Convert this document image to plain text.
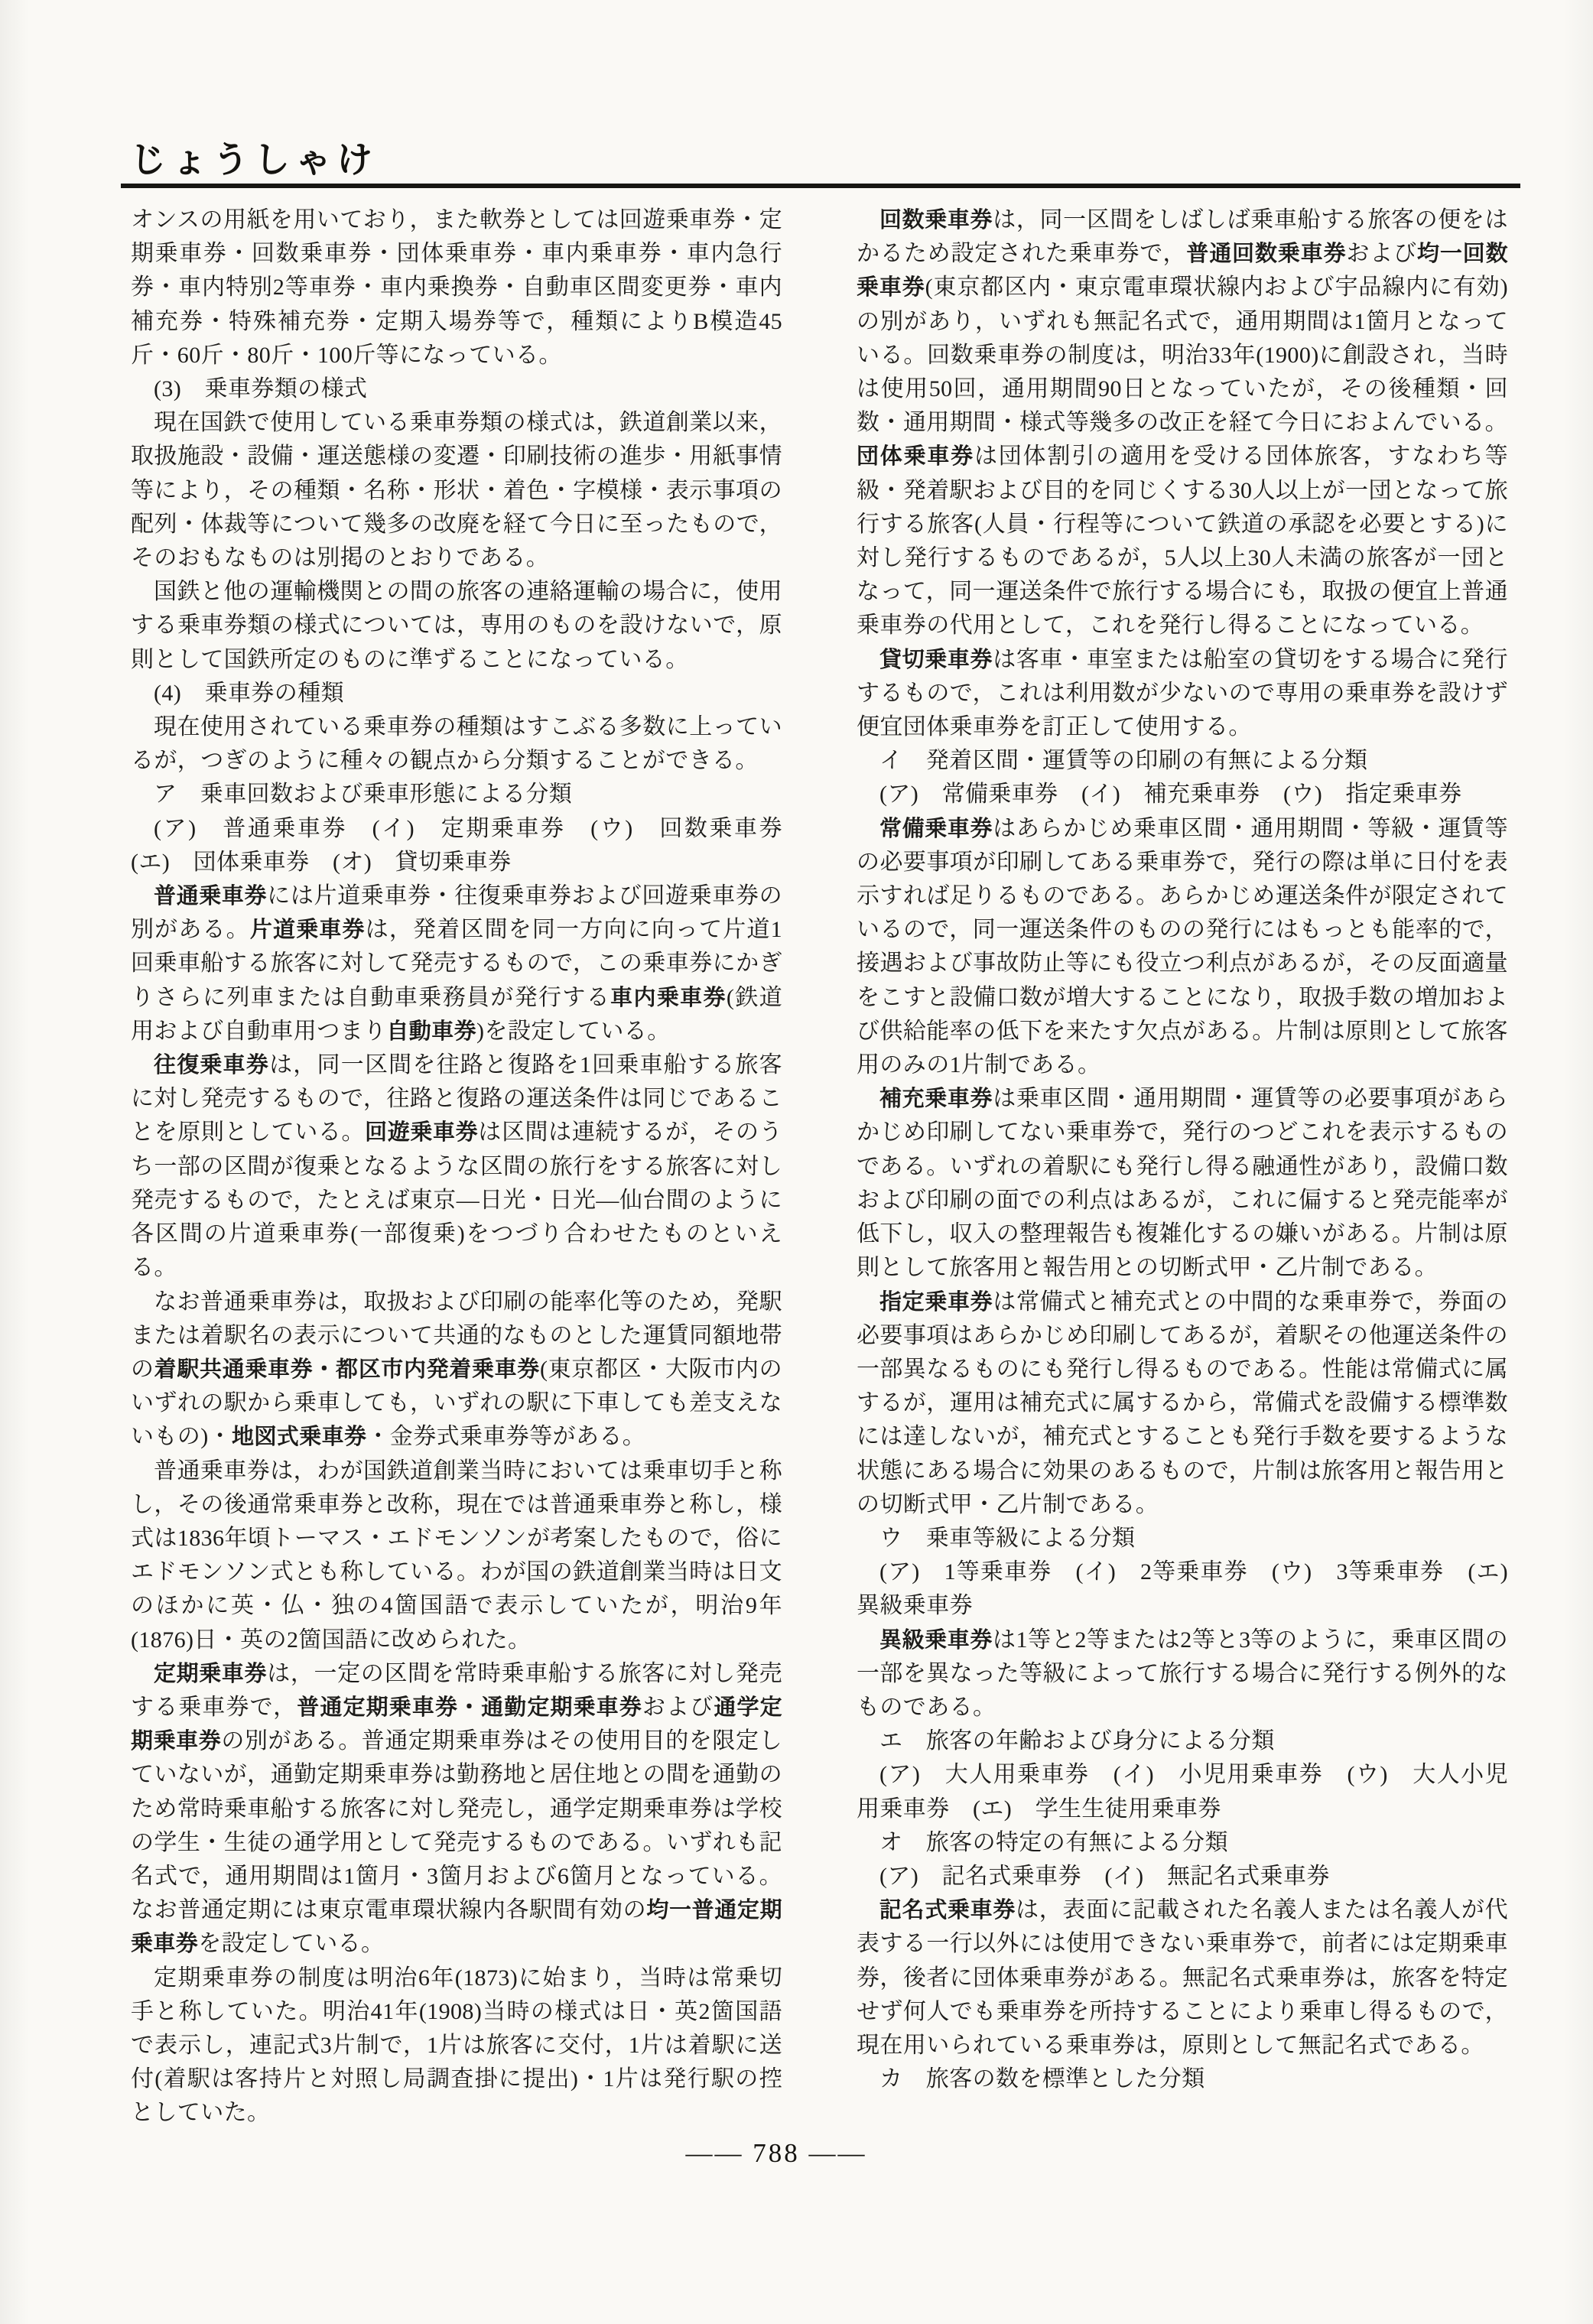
じょうしゃけ

オンスの用紙を用いており，また軟券としては回遊乗車券・定期乗車券・回数乗車券・団体乗車券・車内乗車券・車内急行券・車内特別2等車券・車内乗換券・自動車区間変更券・車内補充券・特殊補充券・定期入場券等で，種類によりB模造45斤・60斤・80斤・100斤等になっている。

(3)　乗車券類の様式

現在国鉄で使用している乗車券類の様式は，鉄道創業以来，取扱施設・設備・運送態様の変遷・印刷技術の進歩・用紙事情等により，その種類・名称・形状・着色・字模様・表示事項の配列・体裁等について幾多の改廃を経て今日に至ったもので，そのおもなものは別掲のとおりである。

国鉄と他の運輸機関との間の旅客の連絡運輸の場合に，使用する乗車券類の様式については，専用のものを設けないで，原則として国鉄所定のものに準ずることになっている。

(4)　乗車券の種類

現在使用されている乗車券の種類はすこぶる多数に上っているが，つぎのように種々の観点から分類することができる。

ア　乗車回数および乗車形態による分類

(ア)　普通乗車券　(イ)　定期乗車券　(ウ)　回数乗車券　(エ)　団体乗車券　(オ)　貸切乗車券

普通乗車券には片道乗車券・往復乗車券および回遊乗車券の別がある。片道乗車券は，発着区間を同一方向に向って片道1回乗車船する旅客に対して発売するもので，この乗車券にかぎりさらに列車または自動車乗務員が発行する車内乗車券(鉄道用および自動車用つまり自動車券)を設定している。

往復乗車券は，同一区間を往路と復路を1回乗車船する旅客に対し発売するもので，往路と復路の運送条件は同じであることを原則としている。回遊乗車券は区間は連続するが，そのうち一部の区間が復乗となるような区間の旅行をする旅客に対し発売するもので，たとえば東京―日光・日光―仙台間のように各区間の片道乗車券(一部復乗)をつづり合わせたものといえる。

なお普通乗車券は，取扱および印刷の能率化等のため，発駅または着駅名の表示について共通的なものとした運賃同額地帯の着駅共通乗車券・都区市内発着乗車券(東京都区・大阪市内のいずれの駅から乗車しても，いずれの駅に下車しても差支えないもの)・地図式乗車券・金券式乗車券等がある。

普通乗車券は，わが国鉄道創業当時においては乗車切手と称し，その後通常乗車券と改称，現在では普通乗車券と称し，様式は1836年頃トーマス・エドモンソンが考案したもので，俗にエドモンソン式とも称している。わが国の鉄道創業当時は日文のほかに英・仏・独の4箇国語で表示していたが，明治9年(1876)日・英の2箇国語に改められた。

定期乗車券は，一定の区間を常時乗車船する旅客に対し発売する乗車券で，普通定期乗車券・通勤定期乗車券および通学定期乗車券の別がある。普通定期乗車券はその使用目的を限定していないが，通勤定期乗車券は勤務地と居住地との間を通勤のため常時乗車船する旅客に対し発売し，通学定期乗車券は学校の学生・生徒の通学用として発売するものである。いずれも記名式で，通用期間は1箇月・3箇月および6箇月となっている。なお普通定期には東京電車環状線内各駅間有効の均一普通定期乗車券を設定している。

定期乗車券の制度は明治6年(1873)に始まり，当時は常乗切手と称していた。明治41年(1908)当時の様式は日・英2箇国語で表示し，連記式3片制で，1片は旅客に交付，1片は着駅に送付(着駅は客持片と対照し局調査掛に提出)・1片は発行駅の控としていた。

回数乗車券は，同一区間をしばしば乗車船する旅客の便をはかるため設定された乗車券で，普通回数乗車券および均一回数乗車券(東京都区内・東京電車環状線内および宇品線内に有効)の別があり，いずれも無記名式で，通用期間は1箇月となっている。回数乗車券の制度は，明治33年(1900)に創設され，当時は使用50回，通用期間90日となっていたが，その後種類・回数・通用期間・様式等幾多の改正を経て今日におよんでいる。団体乗車券は団体割引の適用を受ける団体旅客，すなわち等級・発着駅および目的を同じくする30人以上が一団となって旅行する旅客(人員・行程等について鉄道の承認を必要とする)に対し発行するものであるが，5人以上30人未満の旅客が一団となって，同一運送条件で旅行する場合にも，取扱の便宜上普通乗車券の代用として，これを発行し得ることになっている。

貸切乗車券は客車・車室または船室の貸切をする場合に発行するもので，これは利用数が少ないので専用の乗車券を設けず便宜団体乗車券を訂正して使用する。

イ　発着区間・運賃等の印刷の有無による分類

(ア)　常備乗車券　(イ)　補充乗車券　(ウ)　指定乗車券

常備乗車券はあらかじめ乗車区間・通用期間・等級・運賃等の必要事項が印刷してある乗車券で，発行の際は単に日付を表示すれば足りるものである。あらかじめ運送条件が限定されているので，同一運送条件のものの発行にはもっとも能率的で，接遇および事故防止等にも役立つ利点があるが，その反面適量をこすと設備口数が増大することになり，取扱手数の増加および供給能率の低下を来たす欠点がある。片制は原則として旅客用のみの1片制である。

補充乗車券は乗車区間・通用期間・運賃等の必要事項があらかじめ印刷してない乗車券で，発行のつどこれを表示するものである。いずれの着駅にも発行し得る融通性があり，設備口数および印刷の面での利点はあるが，これに偏すると発売能率が低下し，収入の整理報告も複雑化するの嫌いがある。片制は原則として旅客用と報告用との切断式甲・乙片制である。

指定乗車券は常備式と補充式との中間的な乗車券で，券面の必要事項はあらかじめ印刷してあるが，着駅その他運送条件の一部異なるものにも発行し得るものである。性能は常備式に属するが，運用は補充式に属するから，常備式を設備する標準数には達しないが，補充式とすることも発行手数を要するような状態にある場合に効果のあるもので，片制は旅客用と報告用との切断式甲・乙片制である。

ウ　乗車等級による分類

(ア)　1等乗車券　(イ)　2等乗車券　(ウ)　3等乗車券　(エ)　異級乗車券

異級乗車券は1等と2等または2等と3等のように，乗車区間の一部を異なった等級によって旅行する場合に発行する例外的なものである。

エ　旅客の年齢および身分による分類

(ア)　大人用乗車券　(イ)　小児用乗車券　(ウ)　大人小児用乗車券　(エ)　学生生徒用乗車券

オ　旅客の特定の有無による分類

(ア)　記名式乗車券　(イ)　無記名式乗車券

記名式乗車券は，表面に記載された名義人または名義人が代表する一行以外には使用できない乗車券で，前者には定期乗車券，後者に団体乗車券がある。無記名式乗車券は，旅客を特定せず何人でも乗車券を所持することにより乗車し得るもので，現在用いられている乗車券は，原則として無記名式である。

カ　旅客の数を標準とした分類

―― 788 ――
